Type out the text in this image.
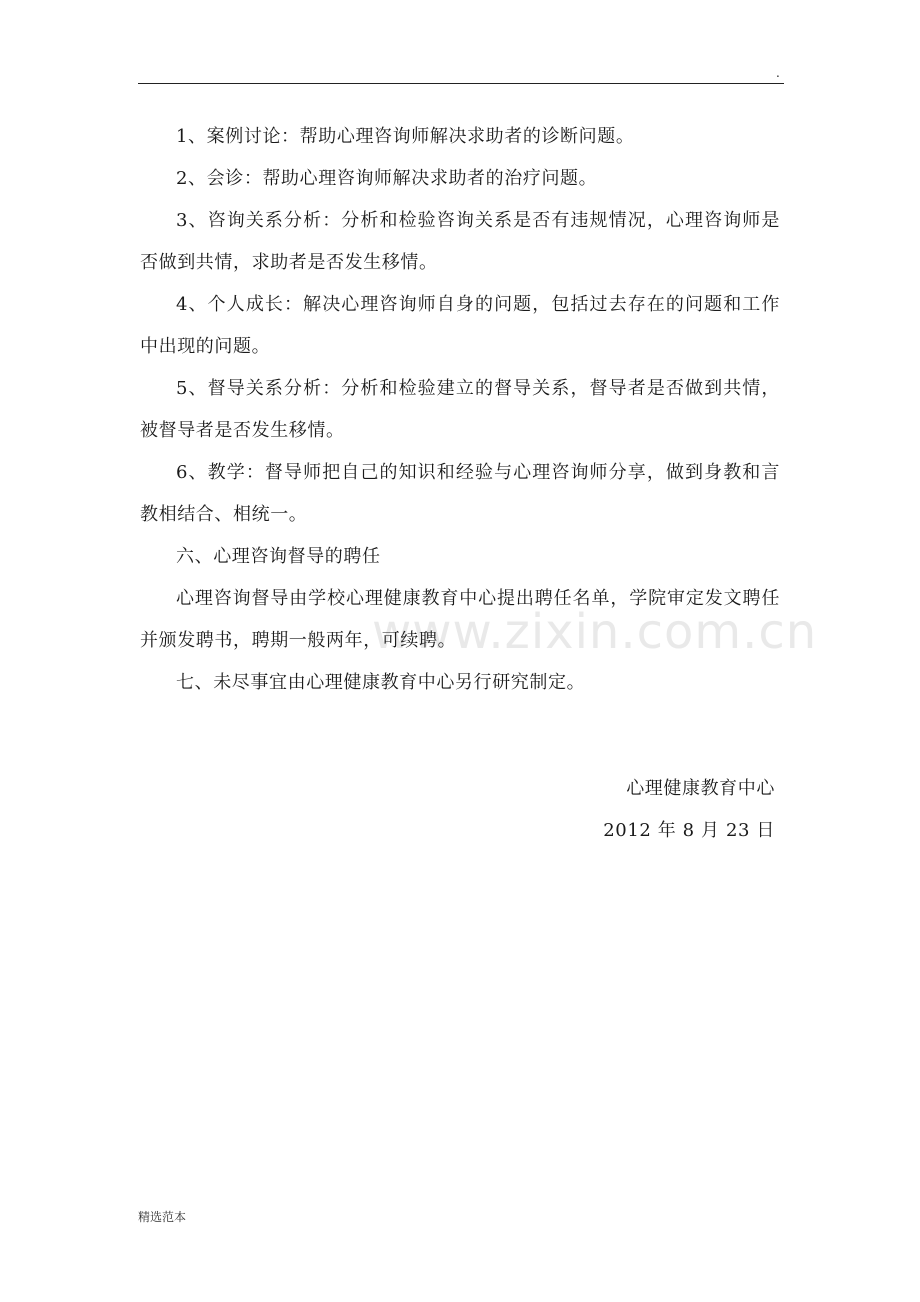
.
www.zixin.com.cn

1、案例讨论：帮助心理咨询师解决求助者的诊断问题。

2、会诊：帮助心理咨询师解决求助者的治疗问题。

3、咨询关系分析：分析和检验咨询关系是否有违规情况，心理咨询师是否做到共情，求助者是否发生移情。

4、个人成长：解决心理咨询师自身的问题，包括过去存在的问题和工作中出现的问题。

5、督导关系分析：分析和检验建立的督导关系，督导者是否做到共情，被督导者是否发生移情。

6、教学：督导师把自己的知识和经验与心理咨询师分享，做到身教和言教相结合、相统一。

六、心理咨询督导的聘任

心理咨询督导由学校心理健康教育中心提出聘任名单，学院审定发文聘任并颁发聘书，聘期一般两年，可续聘。

七、未尽事宜由心理健康教育中心另行研究制定。

心理健康教育中心
2012 年 8 月 23 日
精选范本
